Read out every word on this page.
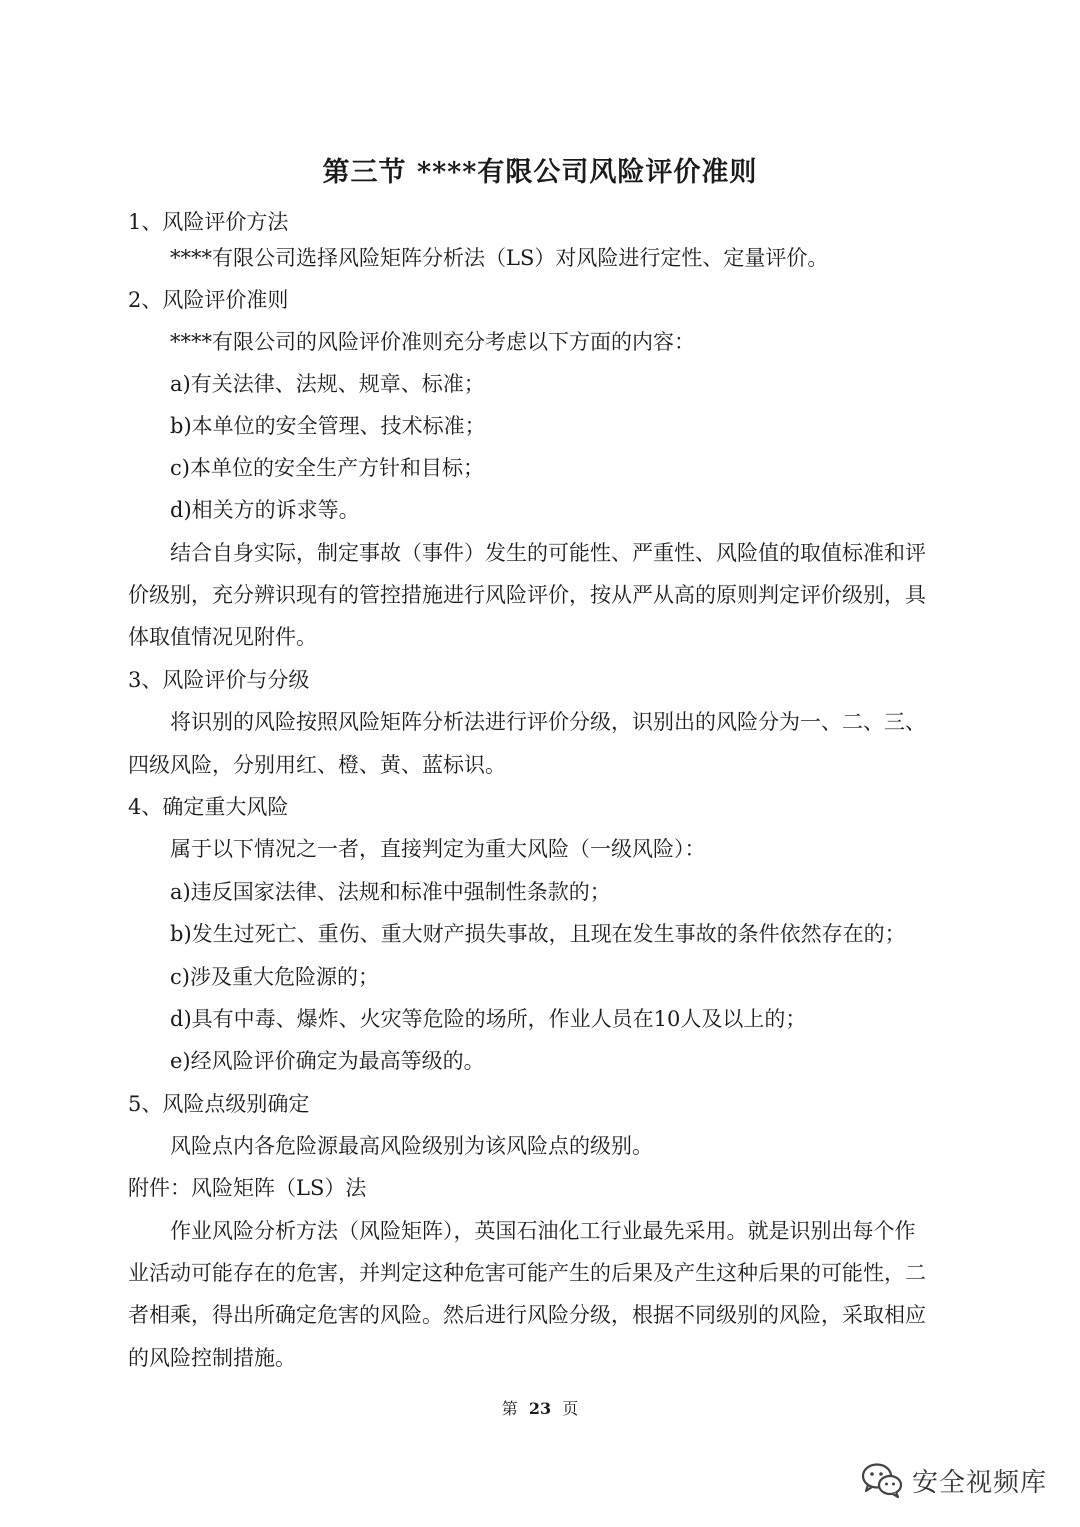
第三节 ****有限公司风险评价准则
1、风险评价方法
****有限公司选择风险矩阵分析法（LS）对风险进行定性、定量评价。
2、风险评价准则
****有限公司的风险评价准则充分考虑以下方面的内容：
a)有关法律、法规、规章、标准；
b)本单位的安全管理、技术标准；
c)本单位的安全生产方针和目标；
d)相关方的诉求等。
结合自身实际，制定事故（事件）发生的可能性、严重性、风险值的取值标准和评
价级别，充分辨识现有的管控措施进行风险评价，按从严从高的原则判定评价级别，具
体取值情况见附件。
3、风险评价与分级
将识别的风险按照风险矩阵分析法进行评价分级，识别出的风险分为一、二、三、
四级风险，分别用红、橙、黄、蓝标识。
4、确定重大风险
属于以下情况之一者，直接判定为重大风险（一级风险）：
a)违反国家法律、法规和标准中强制性条款的；
b)发生过死亡、重伤、重大财产损失事故，且现在发生事故的条件依然存在的；
c)涉及重大危险源的；
d)具有中毒、爆炸、火灾等危险的场所，作业人员在10人及以上的；
e)经风险评价确定为最高等级的。
5、风险点级别确定
风险点内各危险源最高风险级别为该风险点的级别。
附件：风险矩阵（LS）法
作业风险分析方法（风险矩阵），英国石油化工行业最先采用。就是识别出每个作
业活动可能存在的危害，并判定这种危害可能产生的后果及产生这种后果的可能性，二
者相乘，得出所确定危害的风险。然后进行风险分级，根据不同级别的风险，采取相应
的风险控制措施。
第 23 页
安全视频库
